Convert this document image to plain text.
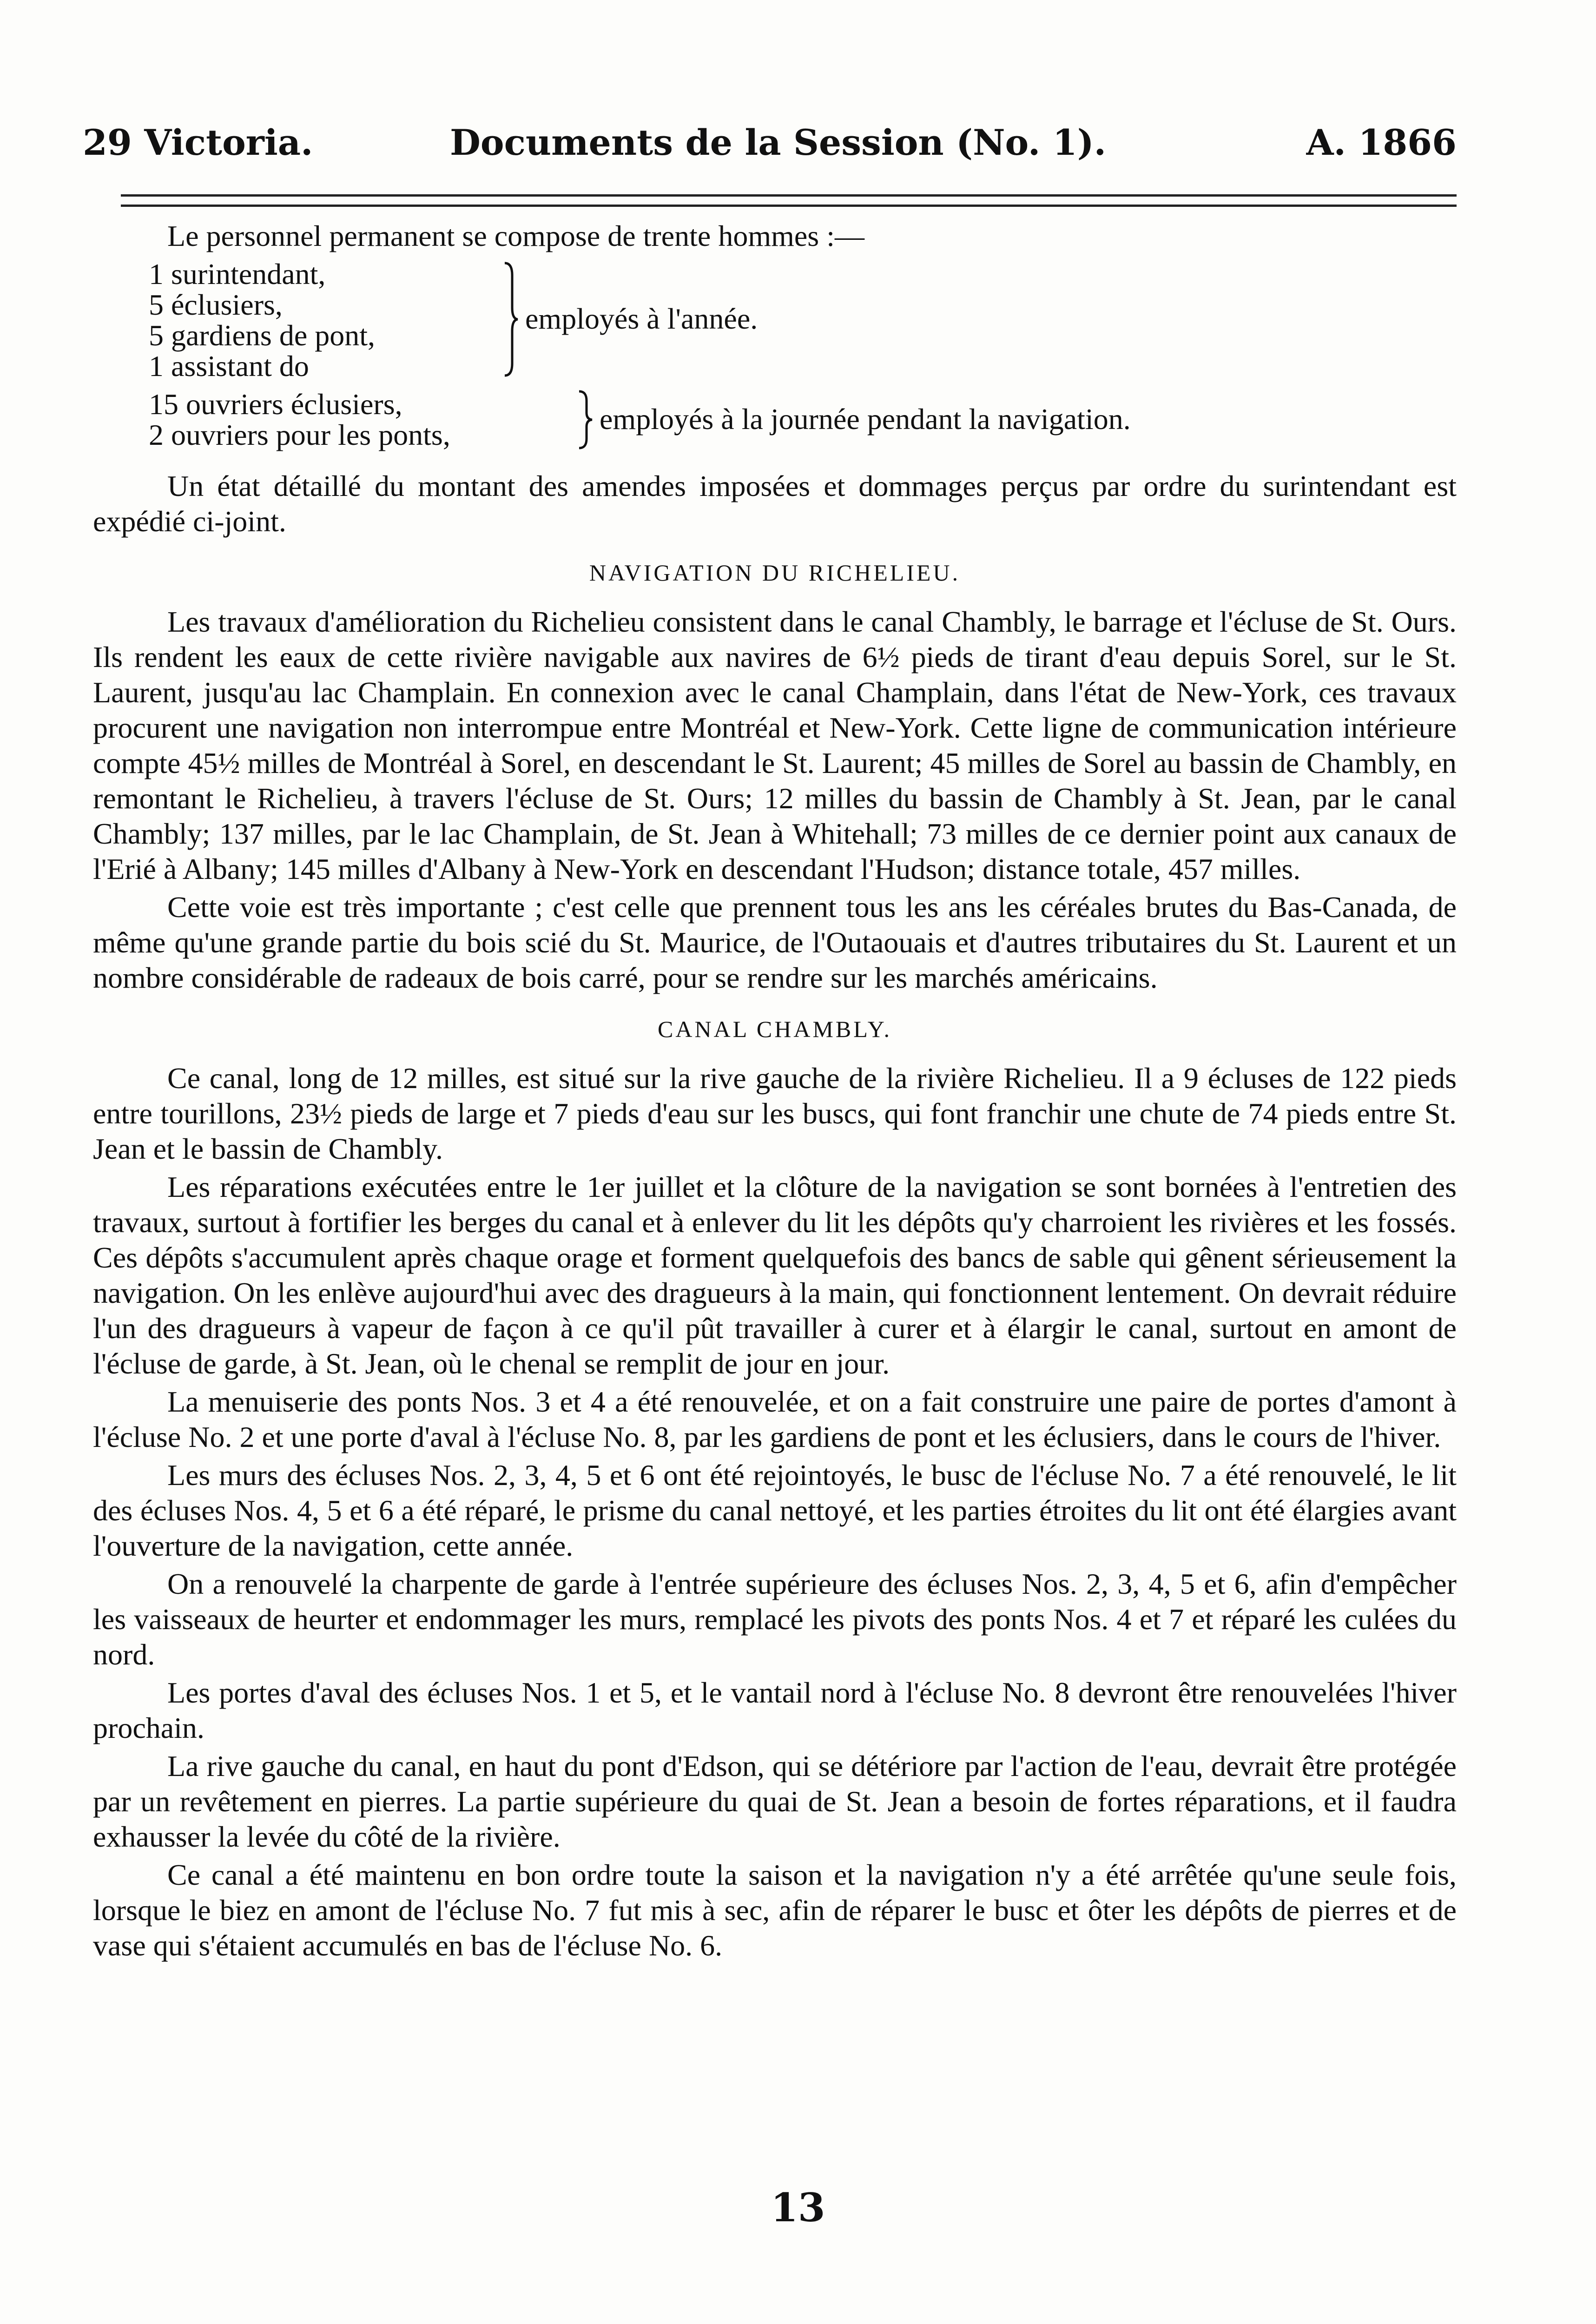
29 Victoria.	Documents de la Session (No. 1).	A. 1866

Le personnel permanent se compose de trente hommes :—

1 surintendant,
5 éclusiers,
5 gardiens de pont,
1 assistant do
employés à l'année.
15 ouvriers éclusiers,
2 ouvriers pour les ponts,	employés à la journée pendant la navigation.

Un état détaillé du montant des amendes imposées et dommages perçus par ordre du surintendant est expédié ci-joint.

NAVIGATION DU RICHELIEU.

Les travaux d'amélioration du Richelieu consistent dans le canal Chambly, le barrage et l'écluse de St. Ours. Ils rendent les eaux de cette rivière navigable aux navires de 6½ pieds de tirant d'eau depuis Sorel, sur le St. Laurent, jusqu'au lac Champlain. En connexion avec le canal Champlain, dans l'état de New-York, ces travaux procurent une navigation non interrompue entre Montréal et New-York. Cette ligne de communication intérieure compte 45½ milles de Montréal à Sorel, en descendant le St. Laurent; 45 milles de Sorel au bassin de Chambly, en remontant le Richelieu, à travers l'écluse de St. Ours; 12 milles du bassin de Chambly à St. Jean, par le canal Chambly; 137 milles, par le lac Champlain, de St. Jean à Whitehall; 73 milles de ce dernier point aux canaux de l'Erié à Albany; 145 milles d'Albany à New-York en descendant l'Hudson; distance totale, 457 milles.

Cette voie est très importante ; c'est celle que prennent tous les ans les céréales brutes du Bas-Canada, de même qu'une grande partie du bois scié du St. Maurice, de l'Outaouais et d'autres tributaires du St. Laurent et un nombre considérable de radeaux de bois carré, pour se rendre sur les marchés américains.

CANAL CHAMBLY.

Ce canal, long de 12 milles, est situé sur la rive gauche de la rivière Richelieu. Il a 9 écluses de 122 pieds entre tourillons, 23½ pieds de large et 7 pieds d'eau sur les buscs, qui font franchir une chute de 74 pieds entre St. Jean et le bassin de Chambly.

Les réparations exécutées entre le 1er juillet et la clôture de la navigation se sont bornées à l'entretien des travaux, surtout à fortifier les berges du canal et à enlever du lit les dépôts qu'y charroient les rivières et les fossés. Ces dépôts s'accumulent après chaque orage et forment quelquefois des bancs de sable qui gênent sérieusement la navigation. On les enlève aujourd'hui avec des dragueurs à la main, qui fonctionnent lentement. On devrait réduire l'un des dragueurs à vapeur de façon à ce qu'il pût travailler à curer et à élargir le canal, surtout en amont de l'écluse de garde, à St. Jean, où le chenal se remplit de jour en jour.

La menuiserie des ponts Nos. 3 et 4 a été renouvelée, et on a fait construire une paire de portes d'amont à l'écluse No. 2 et une porte d'aval à l'écluse No. 8, par les gardiens de pont et les éclusiers, dans le cours de l'hiver.

Les murs des écluses Nos. 2, 3, 4, 5 et 6 ont été rejointoyés, le busc de l'écluse No. 7 a été renouvelé, le lit des écluses Nos. 4, 5 et 6 a été réparé, le prisme du canal nettoyé, et les parties étroites du lit ont été élargies avant l'ouverture de la navigation, cette année.

On a renouvelé la charpente de garde à l'entrée supérieure des écluses Nos. 2, 3, 4, 5 et 6, afin d'empêcher les vaisseaux de heurter et endommager les murs, remplacé les pivots des ponts Nos. 4 et 7 et réparé les culées du nord.

Les portes d'aval des écluses Nos. 1 et 5, et le vantail nord à l'écluse No. 8 devront être renouvelées l'hiver prochain.

La rive gauche du canal, en haut du pont d'Edson, qui se détériore par l'action de l'eau, devrait être protégée par un revêtement en pierres. La partie supérieure du quai de St. Jean a besoin de fortes réparations, et il faudra exhausser la levée du côté de la rivière.

Ce canal a été maintenu en bon ordre toute la saison et la navigation n'y a été arrêtée qu'une seule fois, lorsque le biez en amont de l'écluse No. 7 fut mis à sec, afin de réparer le busc et ôter les dépôts de pierres et de vase qui s'étaient accumulés en bas de l'écluse No. 6.

13
